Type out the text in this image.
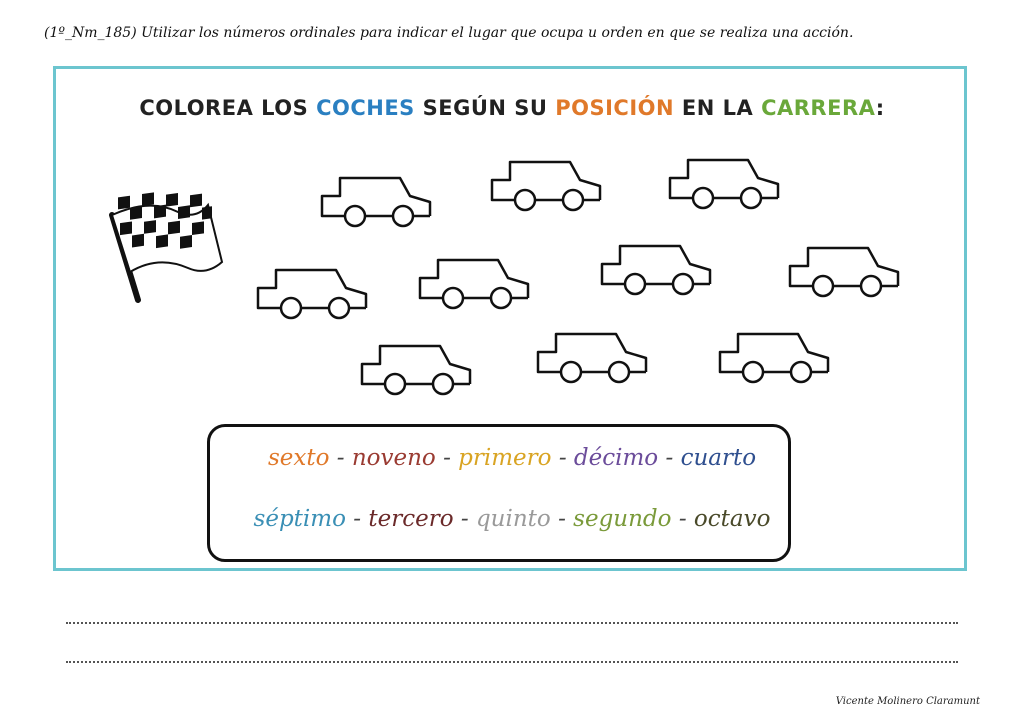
(1º_Nm_185) Utilizar los números ordinales para indicar el lugar que ocupa u orden en que se realiza una acción.
COLOREA LOS COCHES SEGÚN SU POSICIÓN EN LA CARRERA:
sexto - noveno - primero - décimo - cuarto
séptimo - tercero - quinto - segundo - octavo
Vicente Molinero Claramunt
